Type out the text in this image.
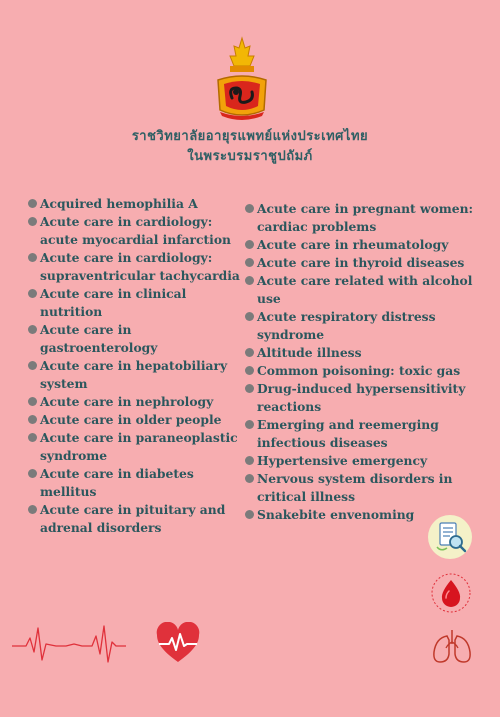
ราชวิทยาลัยอายุรแพทย์แห่งประเทศไทย
ในพระบรมราชูปถัมภ์
Acquired hemophilia A
Acute care in cardiology:
acute myocardial infarction
Acute care in cardiology:
supraventricular tachycardia
Acute care in clinical nutrition
Acute care in gastroenterology
Acute care in hepatobiliary
system
Acute care in nephrology
Acute care in older people
Acute care in paraneoplastic
syndrome
Acute care in diabetes mellitus
Acute care in pituitary and
adrenal disorders
Acute care in pregnant women:
cardiac problems
Acute care in rheumatology
Acute care in thyroid diseases
Acute care related with alcohol use
Acute respiratory distress
syndrome
Altitude illness
Common poisoning: toxic gas
Drug-induced hypersensitivity
reactions
Emerging and reemerging
infectious diseases
Hypertensive emergency
Nervous system disorders in
critical illness
Snakebite envenoming
